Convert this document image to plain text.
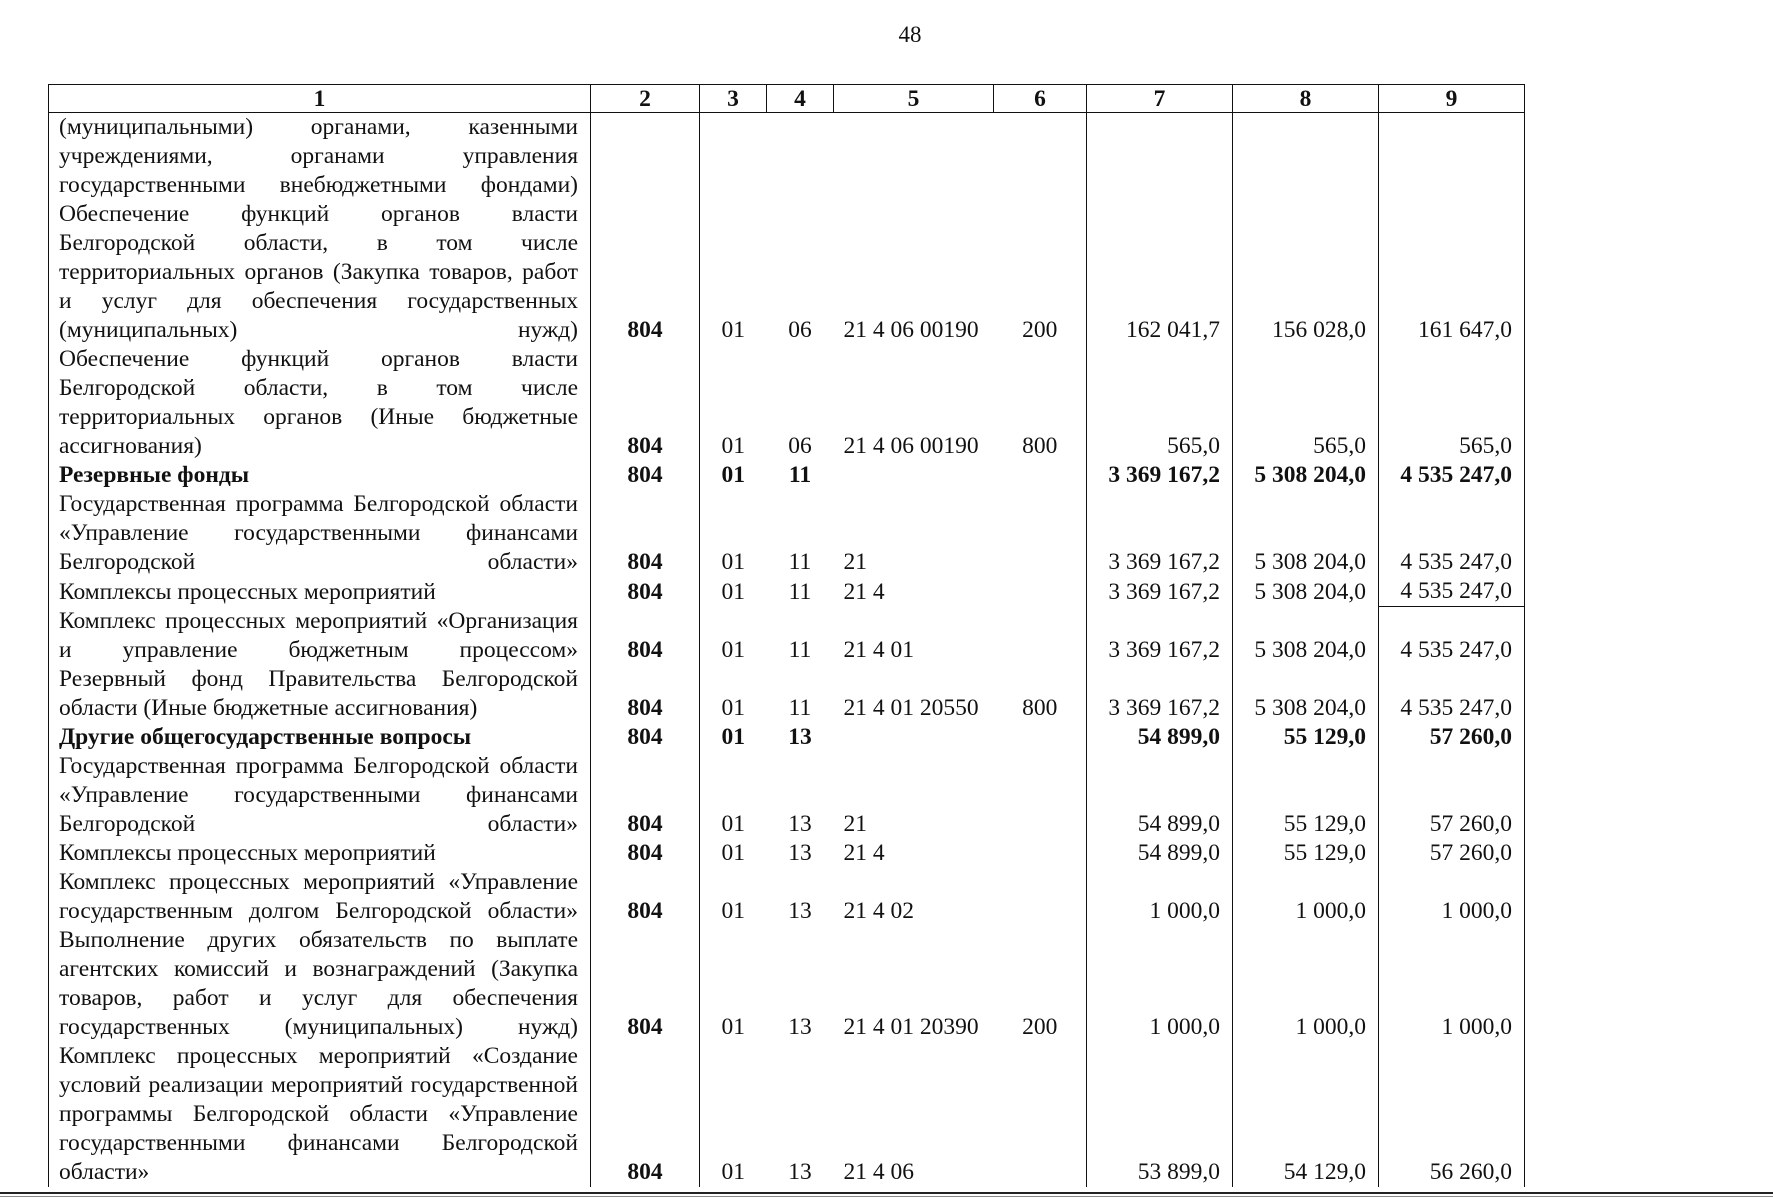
48
1	2	3	4	5	6	7	8	9
(муниципальными) органами, казенными учреждениями, органами управления государственными внебюджетными фондами)								
Обеспечение функций органов власти Белгородской области, в том числе территориальных органов (Закупка товаров, работ и услуг для обеспечения государственных (муниципальных) нужд)	804	01	06	21 4 06 00190	200	162 041,7	156 028,0	161 647,0
Обеспечение функций органов власти Белгородской области, в том числе территориальных органов (Иные бюджетные ассигнования)	804	01	06	21 4 06 00190	800	565,0	565,0	565,0
Резервные фонды	804	01	11			3 369 167,2	5 308 204,0	4 535 247,0
Государственная программа Белгородской области «Управление государственными финансами Белгородской области»	804	01	11	21		3 369 167,2	5 308 204,0	4 535 247,0
Комплексы процессных мероприятий	804	01	11	21 4		3 369 167,2	5 308 204,0	4 535 247,0
Комплекс процессных мероприятий «Организация и управление бюджетным процессом»	804	01	11	21 4 01		3 369 167,2	5 308 204,0	4 535 247,0
Резервный фонд Правительства Белгородской области (Иные бюджетные ассигнования)	804	01	11	21 4 01 20550	800	3 369 167,2	5 308 204,0	4 535 247,0
Другие общегосударственные вопросы	804	01	13			54 899,0	55 129,0	57 260,0
Государственная программа Белгородской области «Управление государственными финансами Белгородской области»	804	01	13	21		54 899,0	55 129,0	57 260,0
Комплексы процессных мероприятий	804	01	13	21 4		54 899,0	55 129,0	57 260,0
Комплекс процессных мероприятий «Управление государственным долгом Белгородской области»	804	01	13	21 4 02		1 000,0	1 000,0	1 000,0
Выполнение других обязательств по выплате агентских комиссий и вознаграждений (Закупка товаров, работ и услуг для обеспечения государственных (муниципальных) нужд)	804	01	13	21 4 01 20390	200	1 000,0	1 000,0	1 000,0
Комплекс процессных мероприятий «Создание условий реализации мероприятий государственной программы Белгородской области «Управление государственными финансами Белгородской области»	804	01	13	21 4 06		53 899,0	54 129,0	56 260,0
